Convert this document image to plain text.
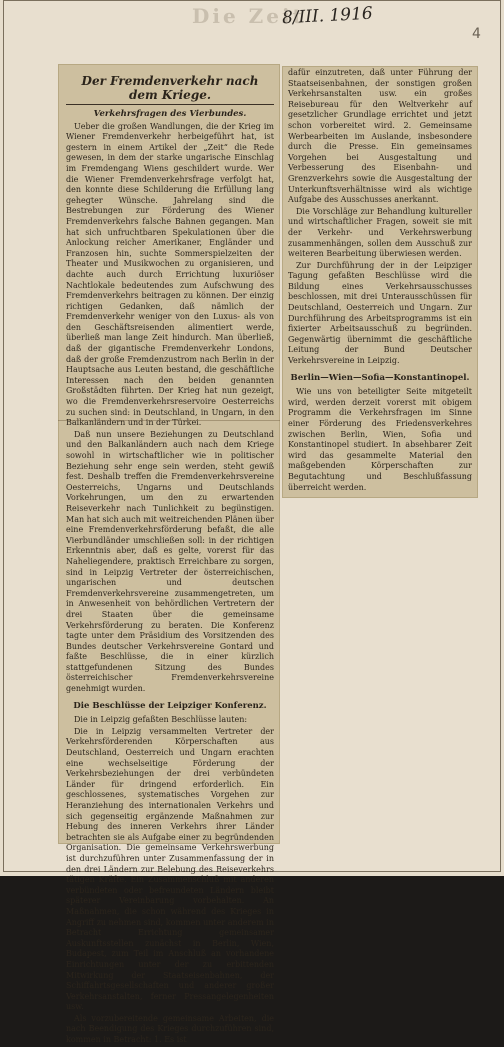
Die Zeit
8/III. 1916
4
Der Fremdenverkehr nach dem Kriege.
Verkehrsfragen des Vierbundes.

Ueber die großen Wandlungen, die der Krieg im Wiener Fremdenverkehr herbeigeführt hat, ist gestern in einem Artikel der „Zeit“ die Rede gewesen, in dem der starke ungarische Einschlag im Fremdengang Wiens geschildert wurde. Wer die Wiener Fremdenverkehrsfrage verfolgt hat, den konnte diese Schilderung die Erfüllung lang gehegter Wünsche. Jahrelang sind die Bestrebungen zur Förderung des Wiener Fremdenverkehrs falsche Bahnen gegangen. Man hat sich unfruchtbaren Spekulationen über die Anlockung reicher Amerikaner, Engländer und Franzosen hin, suchte Sommerspielzeiten der Theater und Musikwochen zu organisieren, und dachte auch durch Errichtung luxuriöser Nachtlokale bedeutendes zum Aufschwung des Fremdenverkehrs beitragen zu können. Der einzig richtigen Gedanken, daß nämlich der Fremdenverkehr weniger von den Luxus- als von den Geschäftsreisenden alimentiert werde, überließ man lange Zeit hindurch. Man überließ, daß der gigantische Fremdenverkehr Londons, daß der große Fremdenzustrom nach Berlin in der Hauptsache aus Leuten bestand, die geschäftliche Interessen nach den beiden genannten Großstädten führten. Der Krieg hat nun gezeigt, wo die Fremdenverkehrsreservoire Oesterreichs zu suchen sind: in Deutschland, in Ungarn, in den Balkanländern und in der Türkei.

Daß nun unsere Beziehungen zu Deutschland und den Balkanländern auch nach dem Kriege sowohl in wirtschaftlicher wie in politischer Beziehung sehr enge sein werden, steht gewiß fest. Deshalb treffen die Fremdenverkehrsvereine Oesterreichs, Ungarns und Deutschlands Vorkehrungen, um den zu erwartenden Reiseverkehr nach Tunlichkeit zu begünstigen. Man hat sich auch mit weitreichenden Plänen über eine Fremdenverkehrsförderung befaßt, die alle Vierbundländer umschließen soll: in der richtigen Erkenntnis aber, daß es gelte, vorerst für das Naheliegendere, praktisch Erreichbare zu sorgen, sind in Leipzig Vertreter der österreichischen, ungarischen und deutschen Fremdenverkehrsvereine zusammengetreten, um in Anwesenheit von behördlichen Vertretern der drei Staaten über die gemeinsame Verkehrsförderung zu beraten. Die Konferenz tagte unter dem Präsidium des Vorsitzenden des Bundes deutscher Verkehrsvereine Gontard und faßte Beschlüsse, die in einer kürzlich stattgefundenen Sitzung des Bundes österreichischer Fremdenverkehrsvereine genehmigt wurden.

Die Beschlüsse der Leipziger Konferenz.

Die in Leipzig gefaßten Beschlüsse lauten:

Die in Leipzig versammelten Vertreter der Verkehrsförderenden Körperschaften aus Deutschland, Oesterreich und Ungarn erachten eine wechselseitige Förderung der Verkehrsbeziehungen der drei verbündeten Länder für dringend erforderlich. Ein geschlossenes, systematisches Vorgehen zur Heranziehung des internationalen Verkehrs und sich gegenseitig ergänzende Maßnahmen zur Hebung des inneren Verkehrs ihrer Länder betrachten sie als Aufgabe einer zu begründenden Organisation. Die gemeinsame Verkehrswerbung ist durchzuführen unter Zusammenfassung der in den drei Ländern zur Belebung des Reiseverkehrs tätigen Kräfte. Ein Zusammenschluß mit anderen verbündeten oder befreundeten Ländern bleibt späterer Vereinbarung vorbehalten. An Maßnahmen, die schon während des Krieges in Angriff zu nehmen sind, kommen unter anderem in Betracht Errichtung gemeinsamer Auskunftsstellen zunächst in Berlin, Wien, Budapest, zum Teil im Anschluß an vorhandene Einrichtungen unter der zu erbittenden Mitwirkung der Staatseisenbahnen, der Schiffahrtsgesellschaften und anderer großer Verkehrsanstalten, ferner Pressangelegenheiten usw.

Als vorzubereitende gemeinsame Arbeiten, die nach Beendigung des Krieges durchzuführen sind, kommen in Betracht: 1. Es ist

dafür einzutreten, daß unter Führung der Staatseisenbahnen, der sonstigen großen Verkehrsanstalten usw. ein großes Reisebureau für den Weltverkehr auf gesetzlicher Grundlage errichtet und jetzt schon vorbereitet wird. 2. Gemeinsame Werbearbeiten im Auslande, insbesondere durch die Presse. Ein gemeinsames Vorgehen bei Ausgestaltung und Verbesserung des Eisenbahn- und Grenzverkehrs sowie die Ausgestaltung der Unterkunftsverhältnisse wird als wichtige Aufgabe des Ausschusses anerkannt.

Die Vorschläge zur Behandlung kultureller und wirtschaftlicher Fragen, soweit sie mit der Verkehr- und Verkehrswerbung zusammenhängen, sollen dem Ausschuß zur weiteren Bearbeitung überwiesen werden.

Zur Durchführung der in der Leipziger Tagung gefaßten Beschlüsse wird die Bildung eines Verkehrsausschusses beschlossen, mit drei Unterausschüssen für Deutschland, Oesterreich und Ungarn. Zur Durchführung des Arbeitsprogramms ist ein fixierter Arbeitsausschuß zu begründen. Gegenwärtig übernimmt die geschäftliche Leitung der Bund Deutscher Verkehrsvereine in Leipzig.

Berlin—Wien—Sofia—Konstantinopel.

Wie uns von beteiligter Seite mitgeteilt wird, werden derzeit vorerst mit obigem Programm die Verkehrsfragen im Sinne einer Förderung des Friedensverkehres zwischen Berlin, Wien, Sofia und Konstantinopel studiert. In absehbarer Zeit wird das gesammelte Material den maßgebenden Körperschaften zur Begutachtung und Beschlußfassung überreicht werden.
